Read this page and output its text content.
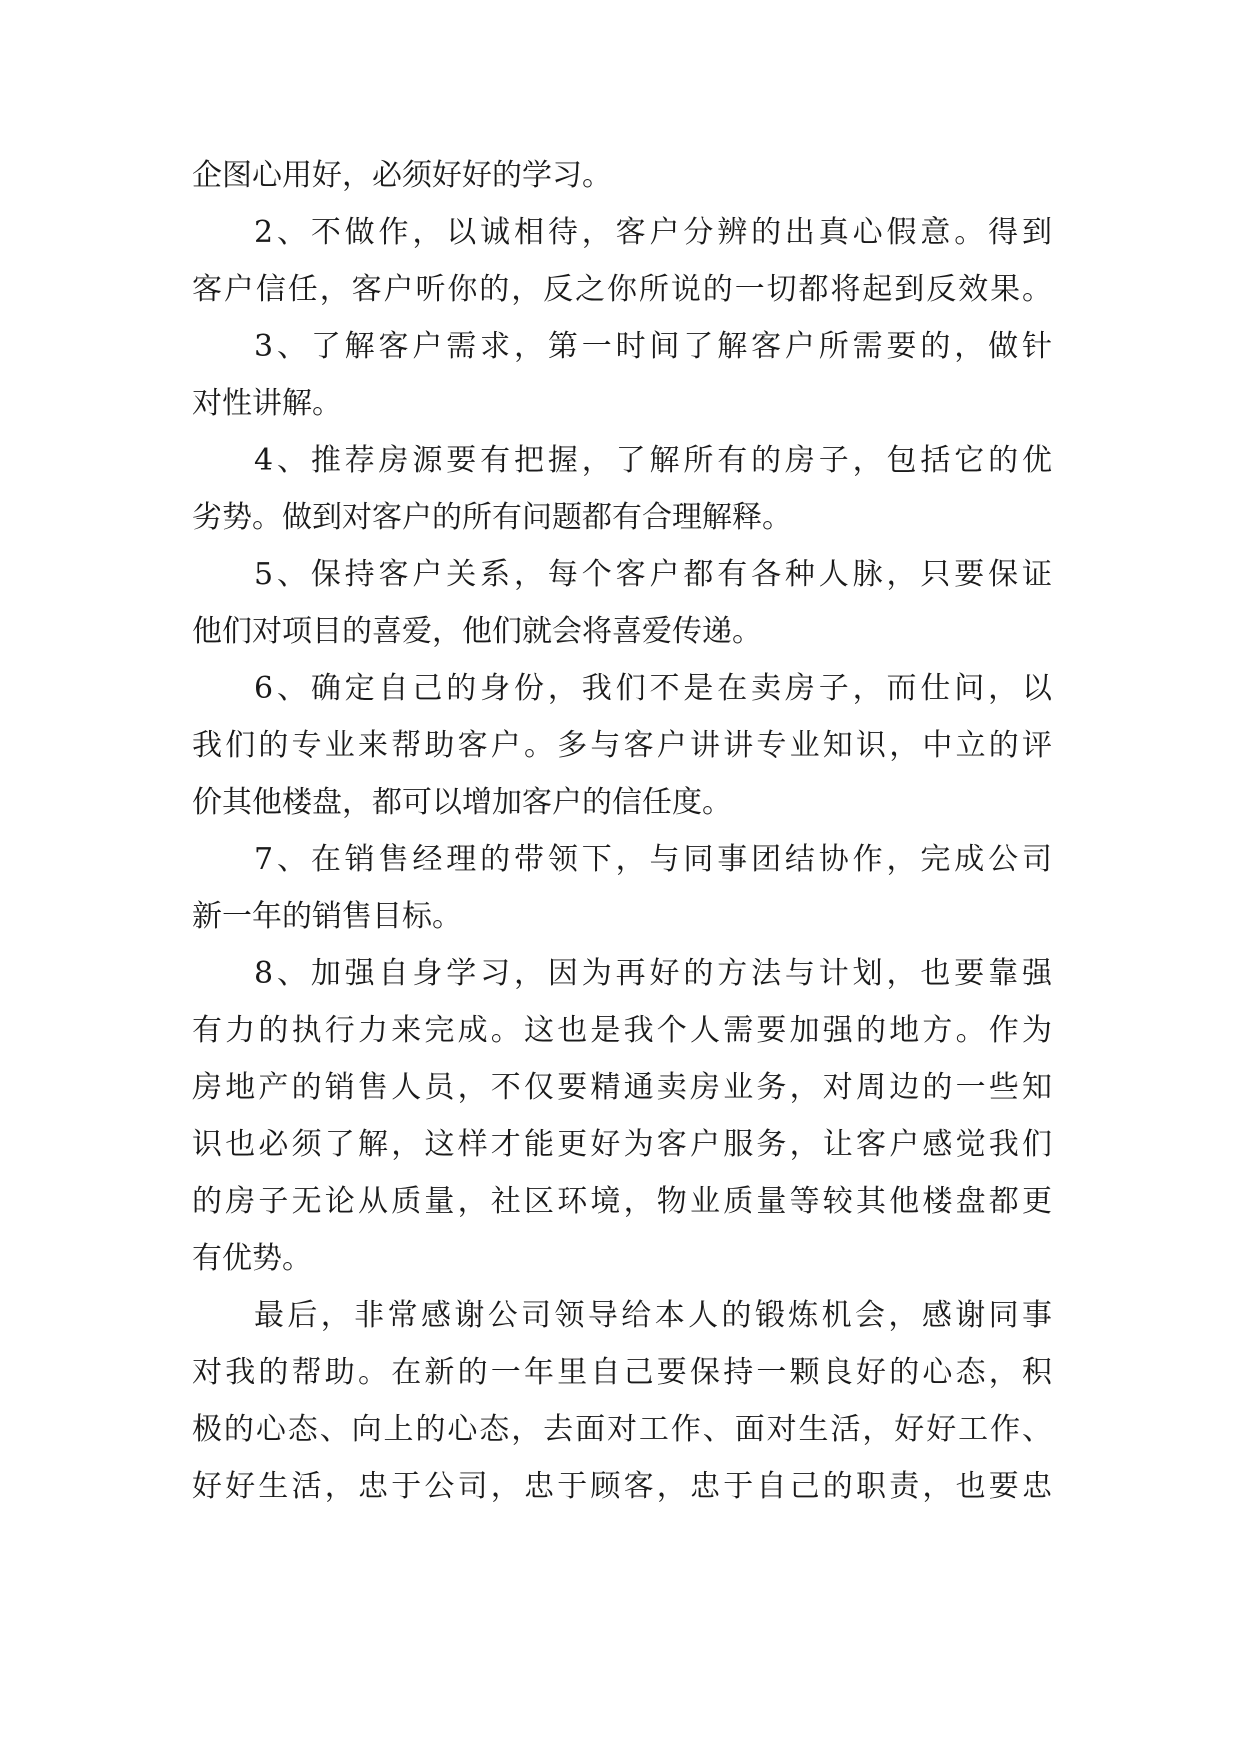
企图心用好，必须好好的学习。
2、不做作，以诚相待，客户分辨的出真心假意。得到
客户信任，客户听你的，反之你所说的一切都将起到反效果。
3、了解客户需求，第一时间了解客户所需要的，做针
对性讲解。
4、推荐房源要有把握，了解所有的房子，包括它的优
劣势。做到对客户的所有问题都有合理解释。
5、保持客户关系，每个客户都有各种人脉，只要保证
他们对项目的喜爱，他们就会将喜爱传递。
6、确定自己的身份，我们不是在卖房子，而仕问，以
我们的专业来帮助客户。多与客户讲讲专业知识，中立的评
价其他楼盘，都可以增加客户的信任度。
7、在销售经理的带领下，与同事团结协作，完成公司
新一年的销售目标。
8、加强自身学习，因为再好的方法与计划，也要靠强
有力的执行力来完成。这也是我个人需要加强的地方。作为
房地产的销售人员，不仅要精通卖房业务，对周边的一些知
识也必须了解，这样才能更好为客户服务，让客户感觉我们
的房子无论从质量，社区环境，物业质量等较其他楼盘都更
有优势。
最后，非常感谢公司领导给本人的锻炼机会，感谢同事
对我的帮助。在新的一年里自己要保持一颗良好的心态，积
极的心态、向上的心态，去面对工作、面对生活，好好工作、
好好生活，忠于公司，忠于顾客，忠于自己的职责，也要忠
